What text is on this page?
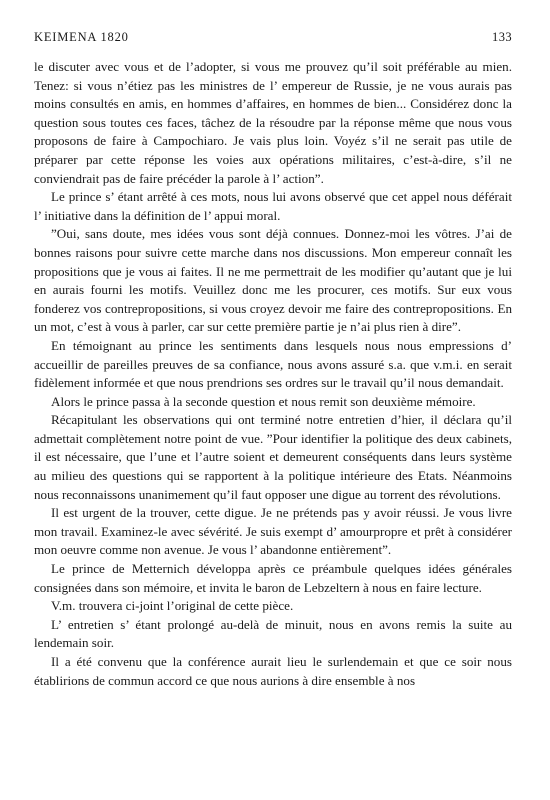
KEIMENA 1820	133

le discuter avec vous et de l’adopter, si vous me prouvez qu’il soit préférable au mien. Tenez: si vous n’étiez pas les ministres de l’ empereur de Russie, je ne vous aurais pas moins consultés en amis, en hommes d’affaires, en hommes de bien... Considérez donc la question sous toutes ces faces, tâchez de la résoudre par la réponse même que nous vous proposons de faire à Campochiaro. Je vais plus loin. Voyéz s’il ne serait pas utile de préparer par cette réponse les voies aux opérations militaires, c’est-à-dire, s’il ne conviendrait pas de faire précéder la parole à l’ action”.

Le prince s’ étant arrêté à ces mots, nous lui avons observé que cet appel nous déférait l’ initiative dans la définition de l’ appui moral.

”Oui, sans doute, mes idées vous sont déjà connues. Donnez-moi les vôtres. J’ai de bonnes raisons pour suivre cette marche dans nos discussions. Mon empereur connaît les propositions que je vous ai faites. Il ne me permettrait de les modifier qu’autant que je lui en aurais fourni les motifs. Veuillez donc me les procurer, ces motifs. Sur eux vous fonderez vos contrepropositions, si vous croyez devoir me faire des contrepropositions. En un mot, c’est à vous à parler, car sur cette première partie je n’ai plus rien à dire”.

En témoignant au prince les sentiments dans lesquels nous nous empressions d’ accueillir de pareilles preuves de sa confiance, nous avons assuré s.a. que v.m.i. en serait fidèlement informée et que nous prendrions ses ordres sur le travail qu’il nous demandait.

Alors le prince passa à la seconde question et nous remit son deuxième mémoire.

Récapitulant les observations qui ont terminé notre entretien d’hier, il déclara qu’il admettait complètement notre point de vue. ”Pour identifier la politique des deux cabinets, il est nécessaire, que l’une et l’autre soient et demeurent conséquents dans leurs système au milieu des questions qui se rapportent à la politique intérieure des Etats. Néanmoins nous reconnaissons unanimement qu’il faut opposer une digue au torrent des révolutions.

Il est urgent de la trouver, cette digue. Je ne prétends pas y avoir réussi. Je vous livre mon travail. Examinez-le avec sévérité. Je suis exempt d’ amourpropre et prêt à considérer mon oeuvre comme non avenue. Je vous l’ abandonne entièrement”.

Le prince de Metternich développa après ce préambule quelques idées générales consignées dans son mémoire, et invita le baron de Lebzeltern à nous en faire lecture.

V.m. trouvera ci-joint l’original de cette pièce.

L’ entretien s’ étant prolongé au-delà de minuit, nous en avons remis la suite au lendemain soir.

Il a été convenu que la conférence aurait lieu le surlendemain et que ce soir nous établirions de commun accord ce que nous aurions à dire ensemble à nos
